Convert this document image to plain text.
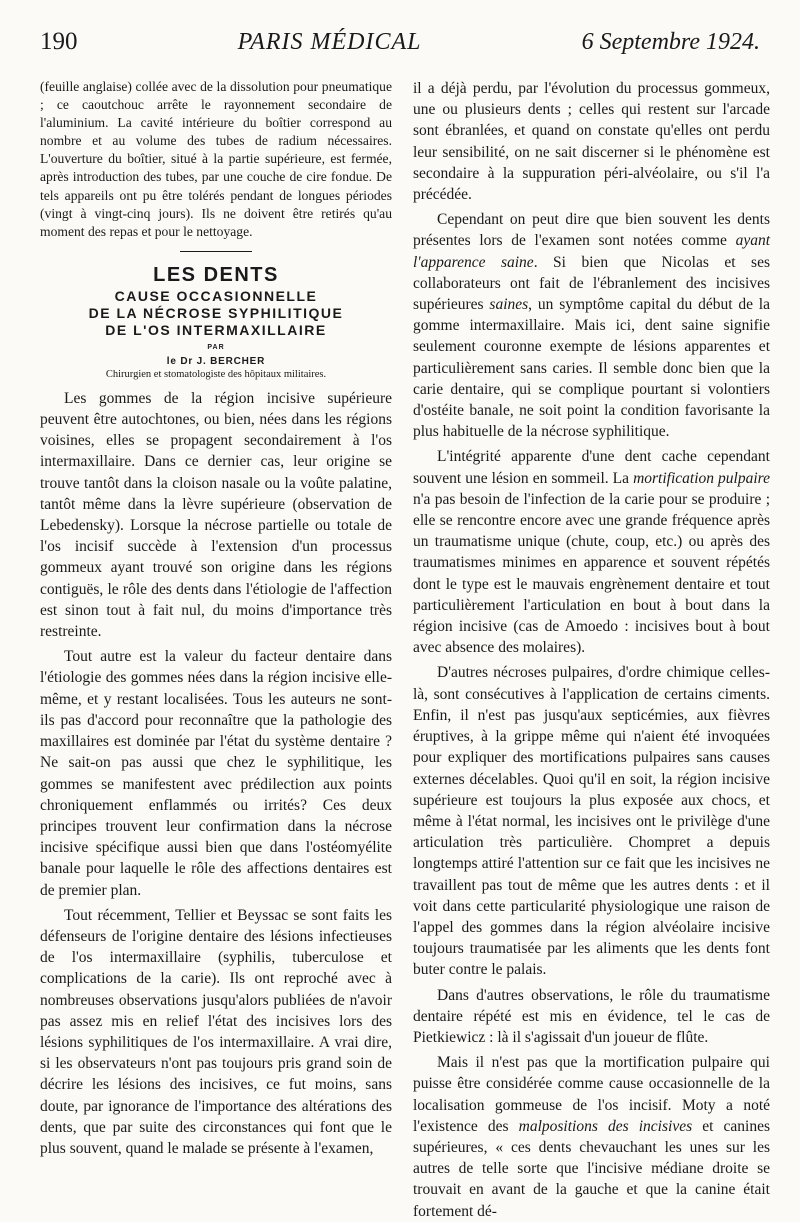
190	PARIS MÉDICAL	6 Septembre 1924.

(feuille anglaise) collée avec de la dissolution pour pneumatique ; ce caoutchouc arrête le rayonnement secondaire de l'aluminium. La cavité intérieure du boîtier correspond au nombre et au volume des tubes de radium nécessaires. L'ouverture du boîtier, situé à la partie supérieure, est fermée, après introduction des tubes, par une couche de cire fondue. De tels appareils ont pu être tolérés pendant de longues périodes (vingt à vingt-cinq jours). Ils ne doivent être retirés qu'au moment des repas et pour le nettoyage.

LES DENTS
CAUSE OCCASIONNELLE
DE LA NÉCROSE SYPHILITIQUE
DE L'OS INTERMAXILLAIRE
PAR
le Dr J. BERCHER
Chirurgien et stomatologiste des hôpitaux militaires.

Les gommes de la région incisive supérieure peuvent être autochtones, ou bien, nées dans les régions voisines, elles se propagent secondairement à l'os intermaxillaire. Dans ce dernier cas, leur origine se trouve tantôt dans la cloison nasale ou la voûte palatine, tantôt même dans la lèvre supérieure (observation de Lebedensky). Lorsque la nécrose partielle ou totale de l'os incisif succède à l'extension d'un processus gommeux ayant trouvé son origine dans les régions contiguës, le rôle des dents dans l'étiologie de l'affection est sinon tout à fait nul, du moins d'importance très restreinte.

Tout autre est la valeur du facteur dentaire dans l'étiologie des gommes nées dans la région incisive elle-même, et y restant localisées. Tous les auteurs ne sont-ils pas d'accord pour reconnaître que la pathologie des maxillaires est dominée par l'état du système dentaire ? Ne sait-on pas aussi que chez le syphilitique, les gommes se manifestent avec prédilection aux points chroniquement enflammés ou irrités? Ces deux principes trouvent leur confirmation dans la nécrose incisive spécifique aussi bien que dans l'ostéomyélite banale pour laquelle le rôle des affections dentaires est de premier plan.

Tout récemment, Tellier et Beyssac se sont faits les défenseurs de l'origine dentaire des lésions infectieuses de l'os intermaxillaire (syphilis, tuberculose et complications de la carie). Ils ont reproché avec à nombreuses observations jusqu'alors publiées de n'avoir pas assez mis en relief l'état des incisives lors des lésions syphilitiques de l'os intermaxillaire. A vrai dire, si les observateurs n'ont pas toujours pris grand soin de décrire les lésions des incisives, ce fut moins, sans doute, par ignorance de l'importance des altérations des dents, que par suite des circonstances qui font que le plus souvent, quand le malade se présente à l'examen,

il a déjà perdu, par l'évolution du processus gommeux, une ou plusieurs dents ; celles qui restent sur l'arcade sont ébranlées, et quand on constate qu'elles ont perdu leur sensibilité, on ne sait discerner si le phénomène est secondaire à la suppuration péri-alvéolaire, ou s'il l'a précédée.

Cependant on peut dire que bien souvent les dents présentes lors de l'examen sont notées comme ayant l'apparence saine. Si bien que Nicolas et ses collaborateurs ont fait de l'ébranlement des incisives supérieures saines, un symptôme capital du début de la gomme intermaxillaire. Mais ici, dent saine signifie seulement couronne exempte de lésions apparentes et particulièrement sans caries. Il semble donc bien que la carie dentaire, qui se complique pourtant si volontiers d'ostéite banale, ne soit point la condition favorisante la plus habituelle de la nécrose syphilitique.

L'intégrité apparente d'une dent cache cependant souvent une lésion en sommeil. La mortification pulpaire n'a pas besoin de l'infection de la carie pour se produire ; elle se rencontre encore avec une grande fréquence après un traumatisme unique (chute, coup, etc.) ou après des traumatismes minimes en apparence et souvent répétés dont le type est le mauvais engrènement dentaire et tout particulièrement l'articulation en bout à bout dans la région incisive (cas de Amoedo : incisives bout à bout avec absence des molaires).

D'autres nécroses pulpaires, d'ordre chimique celles-là, sont consécutives à l'application de certains ciments. Enfin, il n'est pas jusqu'aux septicémies, aux fièvres éruptives, à la grippe même qui n'aient été invoquées pour expliquer des mortifications pulpaires sans causes externes décelables. Quoi qu'il en soit, la région incisive supérieure est toujours la plus exposée aux chocs, et même à l'état normal, les incisives ont le privilège d'une articulation très particulière. Chompret a depuis longtemps attiré l'attention sur ce fait que les incisives ne travaillent pas tout de même que les autres dents : et il voit dans cette particularité physiologique une raison de l'appel des gommes dans la région alvéolaire incisive toujours traumatisée par les aliments que les dents font buter contre le palais.

Dans d'autres observations, le rôle du traumatisme dentaire répété est mis en évidence, tel le cas de Pietkiewicz : là il s'agissait d'un joueur de flûte.

Mais il n'est pas que la mortification pulpaire qui puisse être considérée comme cause occasionnelle de la localisation gommeuse de l'os incisif. Moty a noté l'existence des malpositions des incisives et canines supérieures, « ces dents chevauchant les unes sur les autres de telle sorte que l'incisive médiane droite se trouvait en avant de la gauche et que la canine était fortement dé-
